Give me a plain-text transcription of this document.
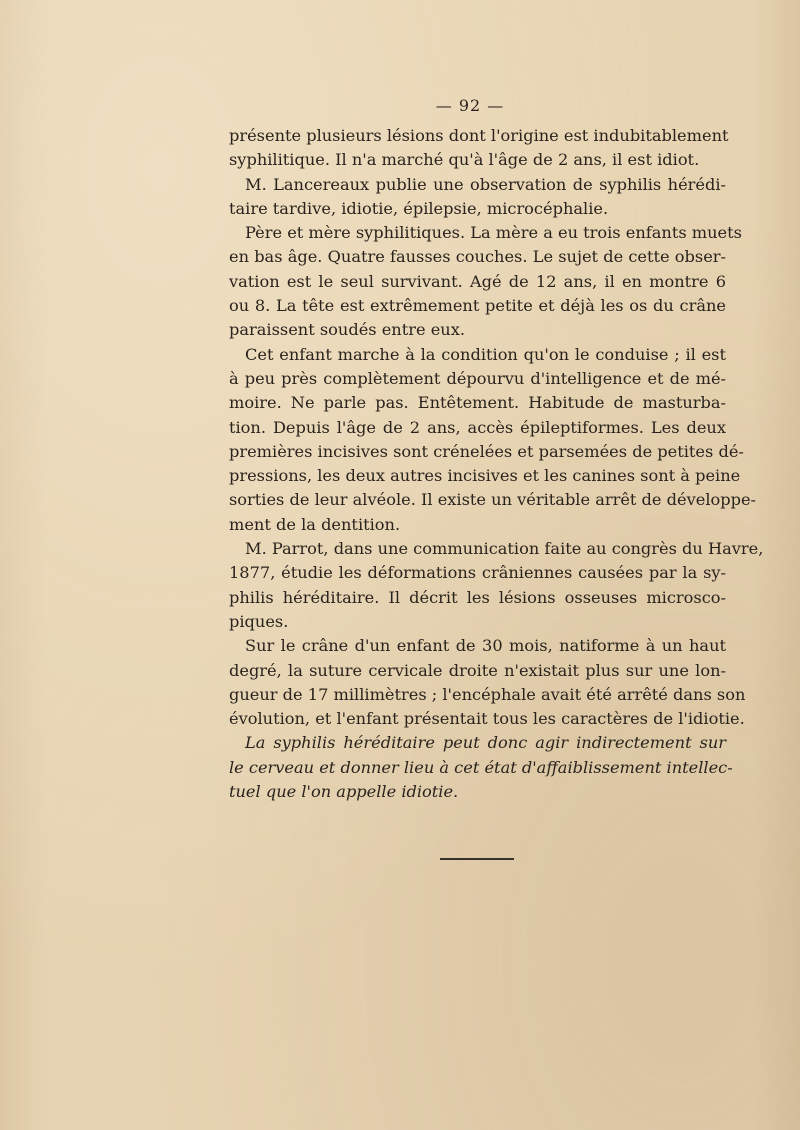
— 92 —
présente plusieurs lésions dont l'origine est indubitablement
syphilitique. Il n'a marché qu'à l'âge de 2 ans, il est idiot.
M. Lancereaux publie une observation de syphilis hérédi-
taire tardive, idiotie, épilepsie, microcéphalie.
Père et mère syphilitiques. La mère a eu trois enfants muets
en bas âge. Quatre fausses couches. Le sujet de cette obser-
vation est le seul survivant. Agé de 12 ans, il en montre 6
ou 8. La tête est extrêmement petite et déjà les os du crâne
paraissent soudés entre eux.
Cet enfant marche à la condition qu'on le conduise ; il est
à peu près complètement dépourvu d'intelligence et de mé-
moire. Ne parle pas. Entêtement. Habitude de masturba-
tion. Depuis l'âge de 2 ans, accès épileptiformes. Les deux
premières incisives sont crénelées et parsemées de petites dé-
pressions, les deux autres incisives et les canines sont à peine
sorties de leur alvéole. Il existe un véritable arrêt de développe-
ment de la dentition.
M. Parrot, dans une communication faite au congrès du Havre,
1877, étudie les déformations crâniennes causées par la sy-
philis héréditaire. Il décrit les lésions osseuses microsco-
piques.
Sur le crâne d'un enfant de 30 mois, natiforme à un haut
degré, la suture cervicale droite n'existait plus sur une lon-
gueur de 17 millimètres ; l'encéphale avait été arrêté dans son
évolution, et l'enfant présentait tous les caractères de l'idiotie.
La syphilis héréditaire peut donc agir indirectement sur
le cerveau et donner lieu à cet état d'affaiblissement intellec-
tuel que l'on appelle idiotie.
